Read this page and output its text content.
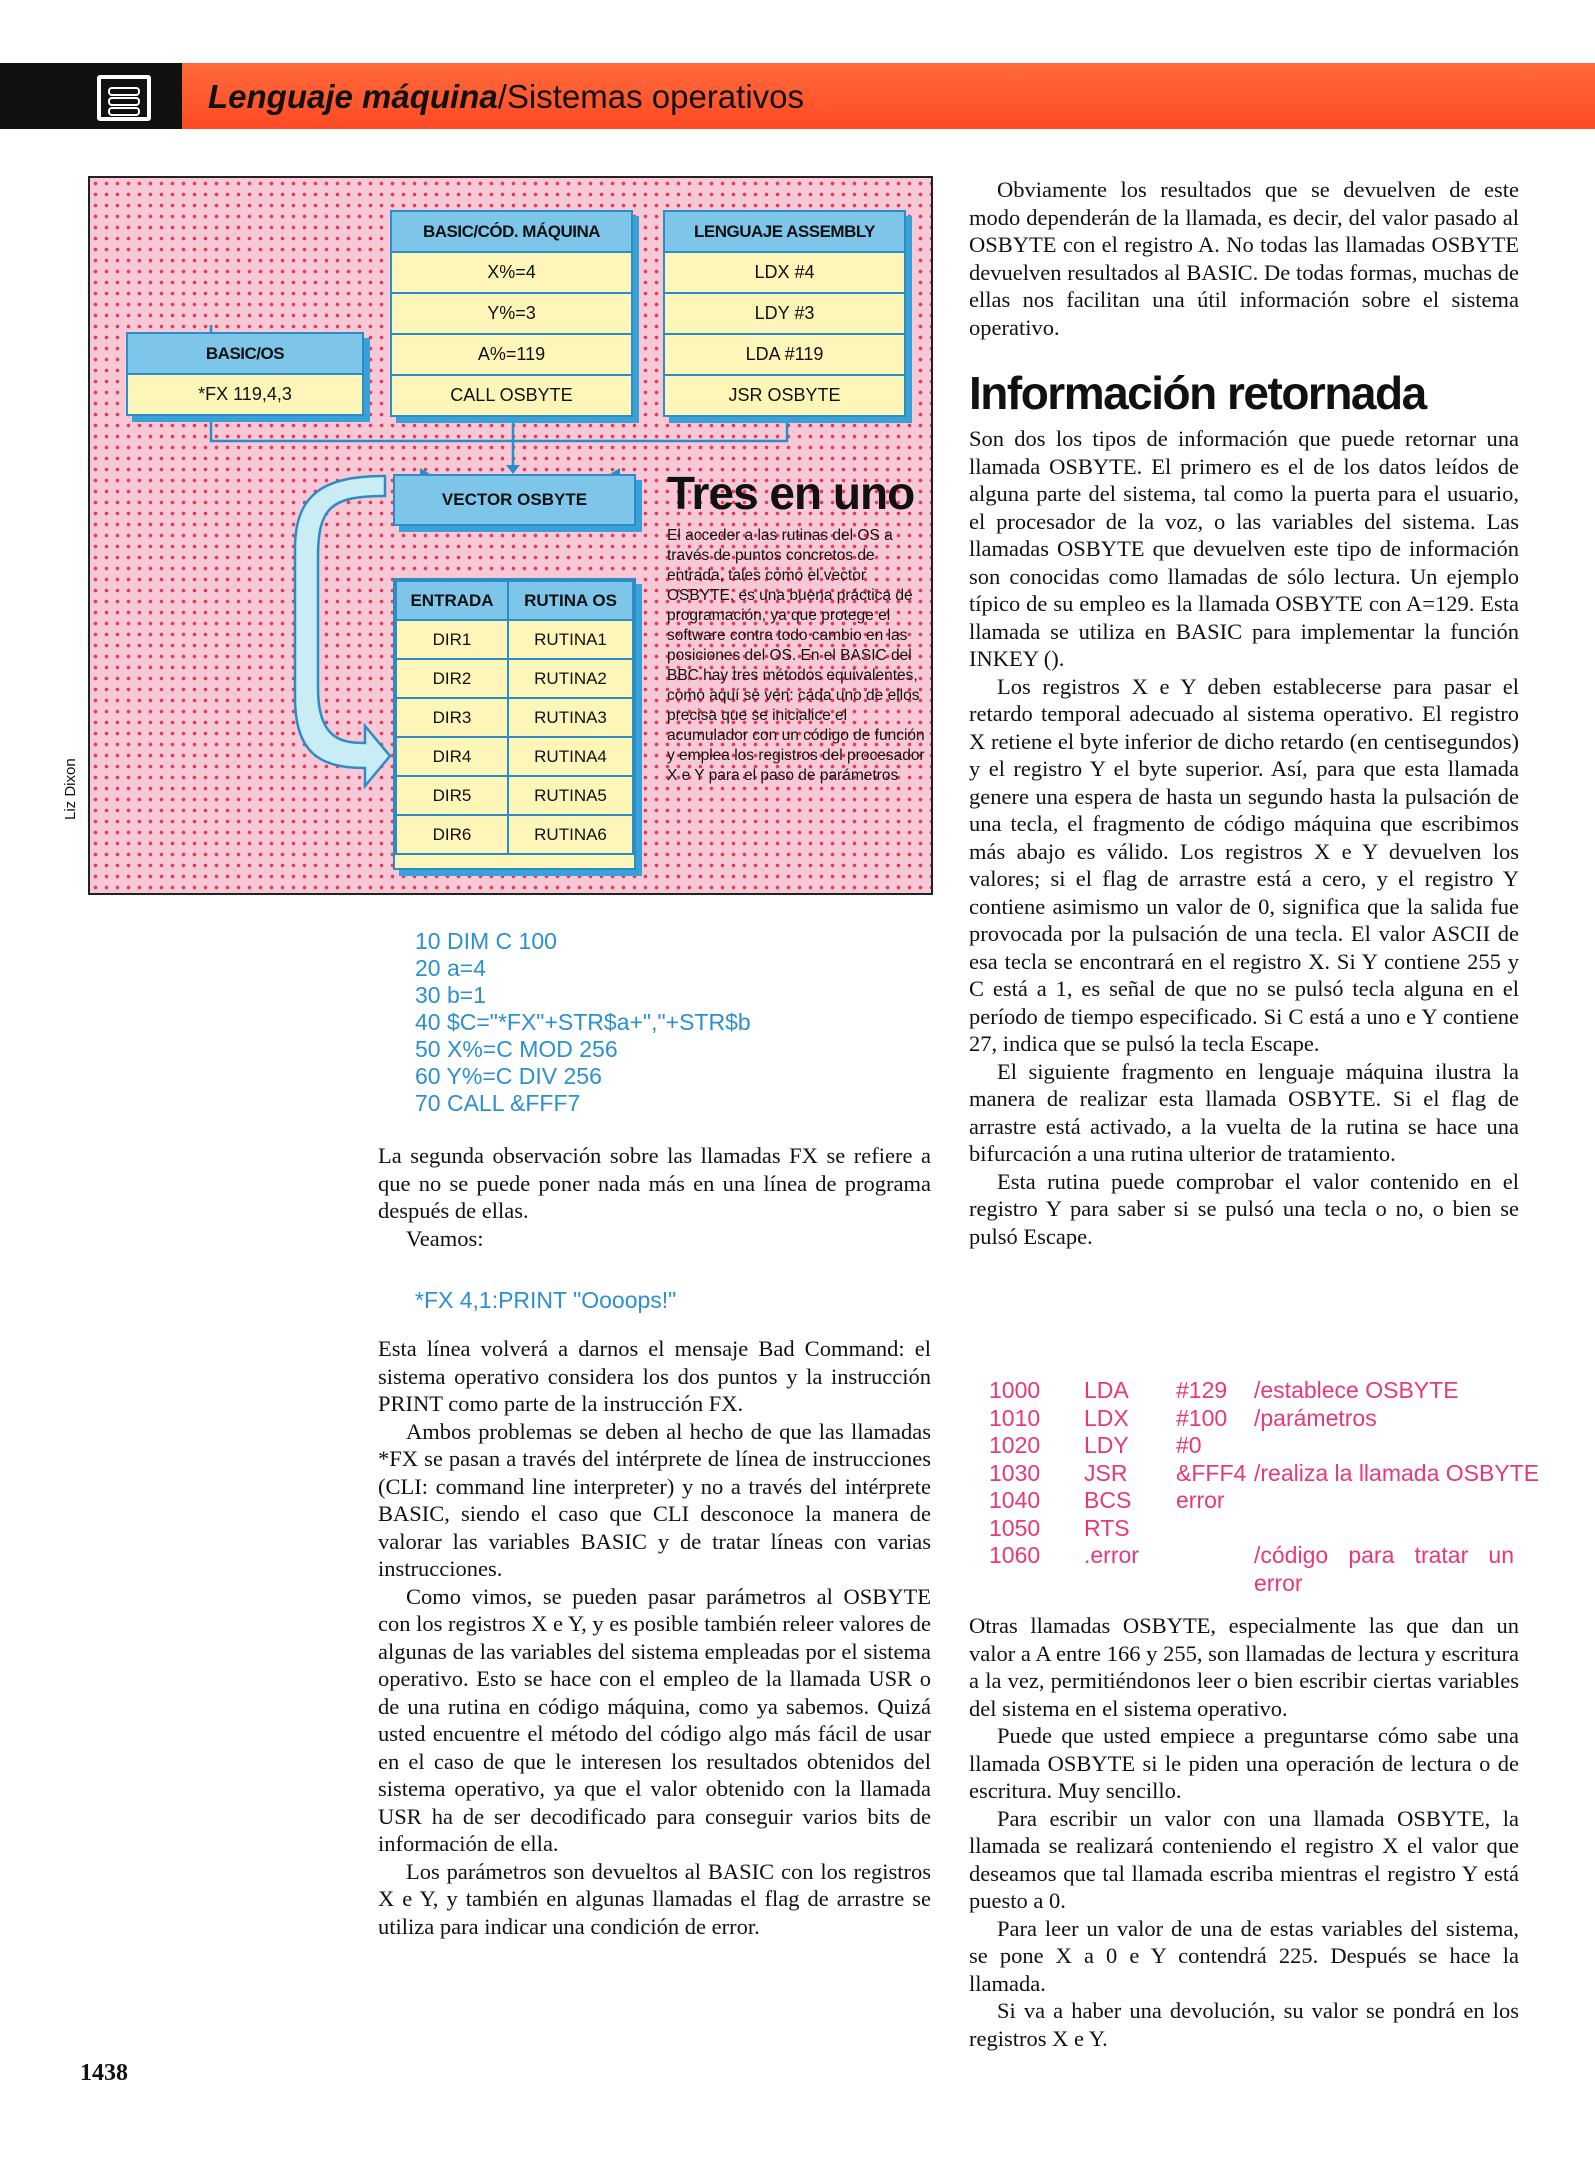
Lenguaje máquina/Sistemas operativos
BASIC/OS
*FX 119,4,3
BASIC/CÓD. MÁQUINA
X%=4
Y%=3
A%=119
CALL OSBYTE
LENGUAJE ASSEMBLY
LDX #4
LDY #3
LDA #119
JSR OSBYTE
VECTOR OSBYTE
ENTRADA	RUTINA OS
DIR1	RUTINA1
DIR2	RUTINA2
DIR3	RUTINA3
DIR4	RUTINA4
DIR5	RUTINA5
DIR6	RUTINA6
Tres en uno
El acceder a las rutinas del OS a través de puntos concretos de entrada, tales como el vector OSBYTE, es una buena práctica de programación, ya que protege el software contra todo cambio en las posiciones del OS. En el BASIC del BBC hay tres métodos equivalentes, como aquí se ven: cada uno de ellos precisa que se inicialice el acumulador con un código de función y emplea los registros del procesador X e Y para el paso de parámetros
Liz Dixon
10 DIM C 100
20 a=4
30 b=1
40 $C="*FX"+STR$a+","+STR$b
50 X%=C MOD 256
60 Y%=C DIV 256
70 CALL &FFF7

La segunda observación sobre las llamadas FX se refiere a que no se puede poner nada más en una línea de programa después de ellas.

Veamos:

*FX 4,1:PRINT "Oooops!"

Esta línea volverá a darnos el mensaje Bad Command: el sistema operativo considera los dos puntos y la instrucción PRINT como parte de la instrucción FX.

Ambos problemas se deben al hecho de que las llamadas *FX se pasan a través del intérprete de línea de instrucciones (CLI: command line interpreter) y no a través del intérprete BASIC, siendo el caso que CLI desconoce la manera de valorar las variables BASIC y de tratar líneas con varias instrucciones.

Como vimos, se pueden pasar parámetros al OSBYTE con los registros X e Y, y es posible también releer valores de algunas de las variables del sistema empleadas por el sistema operativo. Esto se hace con el empleo de la llamada USR o de una rutina en código máquina, como ya sabemos. Quizá usted encuentre el método del código algo más fácil de usar en el caso de que le interesen los resultados obtenidos del sistema operativo, ya que el valor obtenido con la llamada USR ha de ser decodificado para conseguir varios bits de información de ella.

Los parámetros son devueltos al BASIC con los registros X e Y, y también en algunas llamadas el flag de arrastre se utiliza para indicar una condición de error.

Obviamente los resultados que se devuelven de este modo dependerán de la llamada, es decir, del valor pasado al OSBYTE con el registro A. No todas las llamadas OSBYTE devuelven resultados al BASIC. De todas formas, muchas de ellas nos facilitan una útil información sobre el sistema operativo.

Información retornada

Son dos los tipos de información que puede retornar una llamada OSBYTE. El primero es el de los datos leídos de alguna parte del sistema, tal como la puerta para el usuario, el procesador de la voz, o las variables del sistema. Las llamadas OSBYTE que devuelven este tipo de información son conocidas como llamadas de sólo lectura. Un ejemplo típico de su empleo es la llamada OSBYTE con A=129. Esta llamada se utiliza en BASIC para implementar la función INKEY ().

Los registros X e Y deben establecerse para pasar el retardo temporal adecuado al sistema operativo. El registro X retiene el byte inferior de dicho retardo (en centisegundos) y el registro Y el byte superior. Así, para que esta llamada genere una espera de hasta un segundo hasta la pulsación de una tecla, el fragmento de código máquina que escribimos más abajo es válido. Los registros X e Y devuelven los valores; si el flag de arrastre está a cero, y el registro Y contiene asimismo un valor de 0, significa que la salida fue provocada por la pulsación de una tecla. El valor ASCII de esa tecla se encontrará en el registro X. Si Y contiene 255 y C está a 1, es señal de que no se pulsó tecla alguna en el período de tiempo especificado. Si C está a uno e Y contiene 27, indica que se pulsó la tecla Escape.

El siguiente fragmento en lenguaje máquina ilustra la manera de realizar esta llamada OSBYTE. Si el flag de arrastre está activado, a la vuelta de la rutina se hace una bifurcación a una rutina ulterior de tratamiento.

Esta rutina puede comprobar el valor contenido en el registro Y para saber si se pulsó una tecla o no, o bien se pulsó Escape.

1000 LDA #129 /establece OSBYTE
1010 LDX #100 /parámetros
1020 LDY #0
1030 JSR &FFF4 /realiza la llamada OSBYTE
1040 BCS error
1050 RTS
1060 .error	/código para tratar un error

Otras llamadas OSBYTE, especialmente las que dan un valor a A entre 166 y 255, son llamadas de lectura y escritura a la vez, permitiéndonos leer o bien escribir ciertas variables del sistema en el sistema operativo.

Puede que usted empiece a preguntarse cómo sabe una llamada OSBYTE si le piden una operación de lectura o de escritura. Muy sencillo.

Para escribir un valor con una llamada OSBYTE, la llamada se realizará conteniendo el registro X el valor que deseamos que tal llamada escriba mientras el registro Y está puesto a 0.

Para leer un valor de una de estas variables del sistema, se pone X a 0 e Y contendrá 225. Después se hace la llamada.

Si va a haber una devolución, su valor se pondrá en los registros X e Y.

1438
